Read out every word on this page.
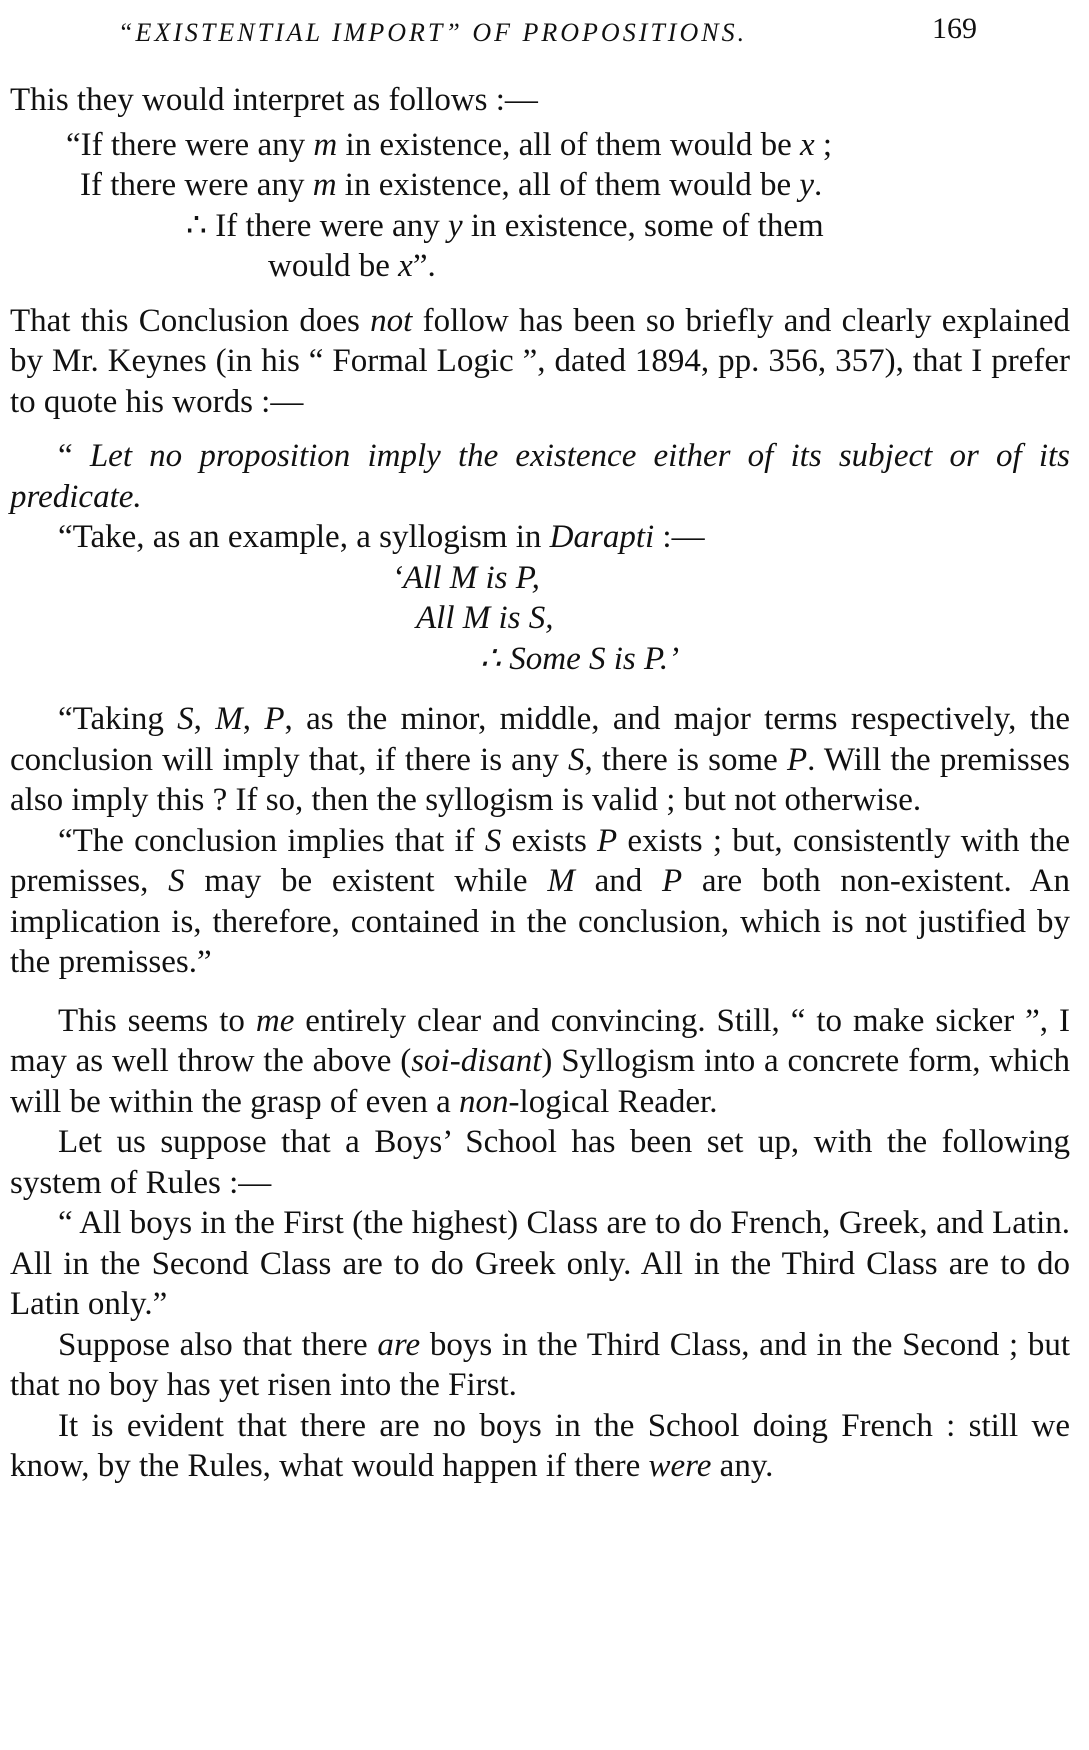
“EXISTENTIAL IMPORT” OF PROPOSITIONS.	169

This they would interpret as follows :—

“If there were any m in existence, all of them would be x ;
If there were any m in existence, all of them would be y.
∴ If there were any y in existence, some of them
would be x”.

That this Conclusion does not follow has been so briefly and clearly explained by Mr. Keynes (in his “ Formal Logic ”, dated 1894, pp. 356, 357), that I prefer to quote his words :—

“ Let no proposition imply the existence either of its subject or of its predicate.

“Take, as an example, a syllogism in Darapti :—

‘All M is P,
All M is S,
∴ Some S is P.’

“Taking S, M, P, as the minor, middle, and major terms respectively, the conclusion will imply that, if there is any S, there is some P. Will the premisses also imply this ? If so, then the syllogism is valid ; but not otherwise.

“The conclusion implies that if S exists P exists ; but, consistently with the premisses, S may be existent while M and P are both non-existent. An implication is, therefore, contained in the conclusion, which is not justified by the premisses.”

This seems to me entirely clear and convincing. Still, “ to make sicker ”, I may as well throw the above (soi-disant) Syllogism into a concrete form, which will be within the grasp of even a non-logical Reader.

Let us suppose that a Boys’ School has been set up, with the following system of Rules :—

“ All boys in the First (the highest) Class are to do French, Greek, and Latin. All in the Second Class are to do Greek only. All in the Third Class are to do Latin only.”

Suppose also that there are boys in the Third Class, and in the Second ; but that no boy has yet risen into the First.

It is evident that there are no boys in the School doing French : still we know, by the Rules, what would happen if there were any.
